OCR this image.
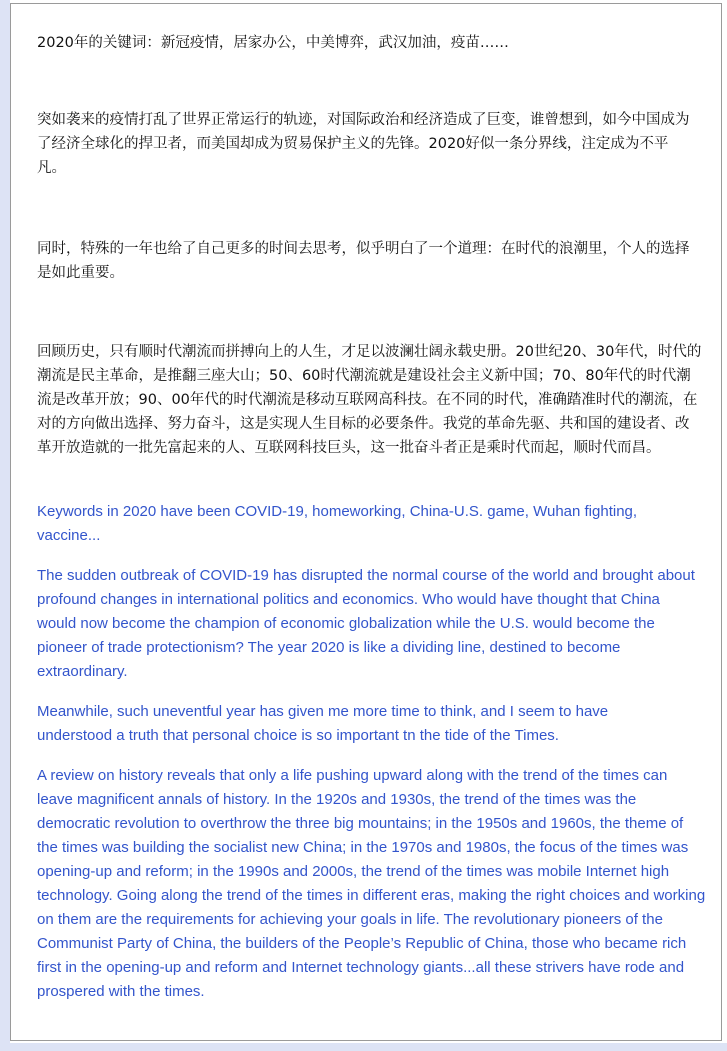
2020年的关键词：新冠疫情，居家办公，中美博弈，武汉加油，疫苗……

突如袭来的疫情打乱了世界正常运行的轨迹，对国际政治和经济造成了巨变，谁曾想到，如今中国成为了经济全球化的捍卫者，而美国却成为贸易保护主义的先锋。2020好似一条分界线，注定成为不平凡。

同时，特殊的一年也给了自己更多的时间去思考，似乎明白了一个道理：在时代的浪潮里，个人的选择是如此重要。

回顾历史，只有顺时代潮流而拼搏向上的人生，才足以波澜壮阔永载史册。20世纪20、30年代，时代的潮流是民主革命，是推翻三座大山；50、60时代潮流就是建设社会主义新中国；70、80年代的时代潮流是改革开放；90、00年代的时代潮流是移动互联网高科技。在不同的时代，准确踏准时代的潮流，在对的方向做出选择、努力奋斗，这是实现人生目标的必要条件。我党的革命先驱、共和国的建设者、改革开放造就的一批先富起来的人、互联网科技巨头，这一批奋斗者正是乘时代而起，顺时代而昌。

Keywords in 2020 have been COVID-19, homeworking, China-U.S. game, Wuhan fighting, vaccine...

The sudden outbreak of COVID-19 has disrupted the normal course of the world and brought about profound changes in international politics and economics. Who would have thought that China would now become the champion of economic globalization while the U.S. would become the pioneer of trade protectionism? The year 2020 is like a dividing line, destined to become extraordinary.

Meanwhile, such uneventful year has given me more time to think, and I seem to have understood a truth that personal choice is so important tn the tide of the Times.

A review on history reveals that only a life pushing upward along with the trend of the times can leave magnificent annals of history. In the 1920s and 1930s, the trend of the times was the democratic revolution to overthrow the three big mountains; in the 1950s and 1960s, the theme of the times was building the socialist new China; in the 1970s and 1980s, the focus of the times was opening-up and reform; in the 1990s and 2000s, the trend of the times was mobile Internet high technology. Going along the trend of the times in different eras, making the right choices and working on them are the requirements for achieving your goals in life. The revolutionary pioneers of the Communist Party of China, the builders of the People’s Republic of China, those who became rich first in the opening-up and reform and Internet technology giants...all these strivers have rode and prospered with the times.
